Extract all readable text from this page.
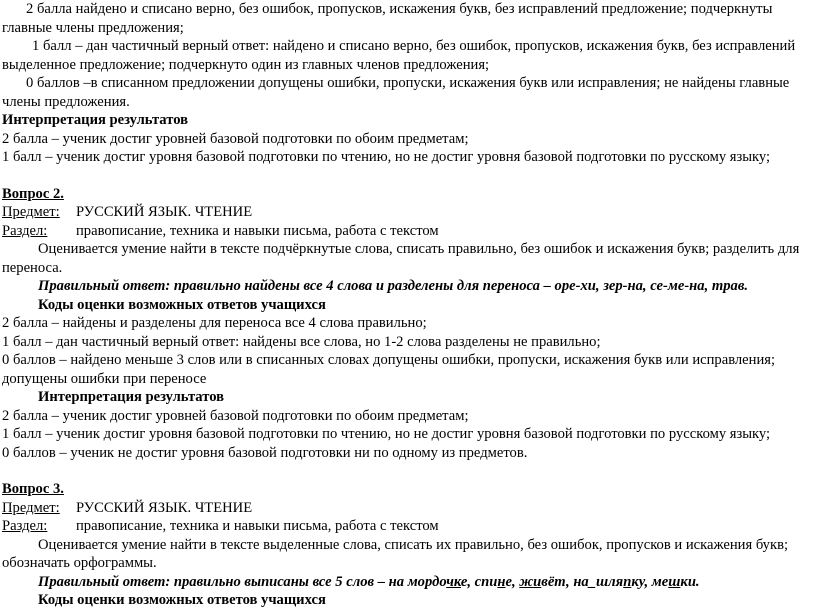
2 балла найдено и списано верно, без ошибок, пропусков, искажения букв, без исправлений предложение; подчеркнуты главные члены предложения;

1 балл – дан частичный верный ответ: найдено и списано верно, без ошибок, пропусков, искажения букв, без исправлений выделенное предложение; подчеркнуто один из главных членов предложения;

0 баллов –в списанном предложении допущены ошибки, пропуски, искажения букв или исправления; не найдены главные члены предложения.

Интерпретация результатов

2 балла – ученик достиг уровней базовой подготовки по обоим предметам;

1 балл – ученик достиг уровня базовой подготовки по чтению, но не достиг уровня базовой подготовки по русскому языку;

Вопрос 2.

Предмет:	РУССКИЙ ЯЗЫК. ЧТЕНИЕ
Раздел:	правописание, техника и навыки письма, работа с текстом

Оценивается умение найти в тексте подчёркнутые слова, списать правильно, без ошибок и искажения букв; разделить для переноса.

Правильный ответ: правильно найдены все 4 слова и разделены для переноса – оре-хи, зер-на, се-ме-на, трав.

Коды оценки возможных ответов учащихся

2 балла – найдены и разделены для переноса все 4 слова правильно;

1 балл – дан частичный верный ответ: найдены все слова, но 1-2 слова разделены не правильно;

0 баллов – найдено меньше 3 слов или в списанных словах допущены ошибки, пропуски, искажения букв или исправления; допущены ошибки при переносе

Интерпретация результатов

2 балла – ученик достиг уровней базовой подготовки по обоим предметам;

1 балл – ученик достиг уровня базовой подготовки по чтению, но не достиг уровня базовой подготовки по русскому языку;

0 баллов – ученик не достиг уровня базовой подготовки ни по одному из предметов.

Вопрос 3.

Предмет:	РУССКИЙ ЯЗЫК. ЧТЕНИЕ
Раздел:	правописание, техника и навыки письма, работа с текстом

Оценивается умение найти в тексте выделенные слова, списать их правильно, без ошибок, пропусков и искажения букв; обозначать орфограммы.

Правильный ответ: правильно выписаны все 5 слов – на мордочке, спине, живёт, на_шляпку, мешки.

Коды оценки возможных ответов учащихся
